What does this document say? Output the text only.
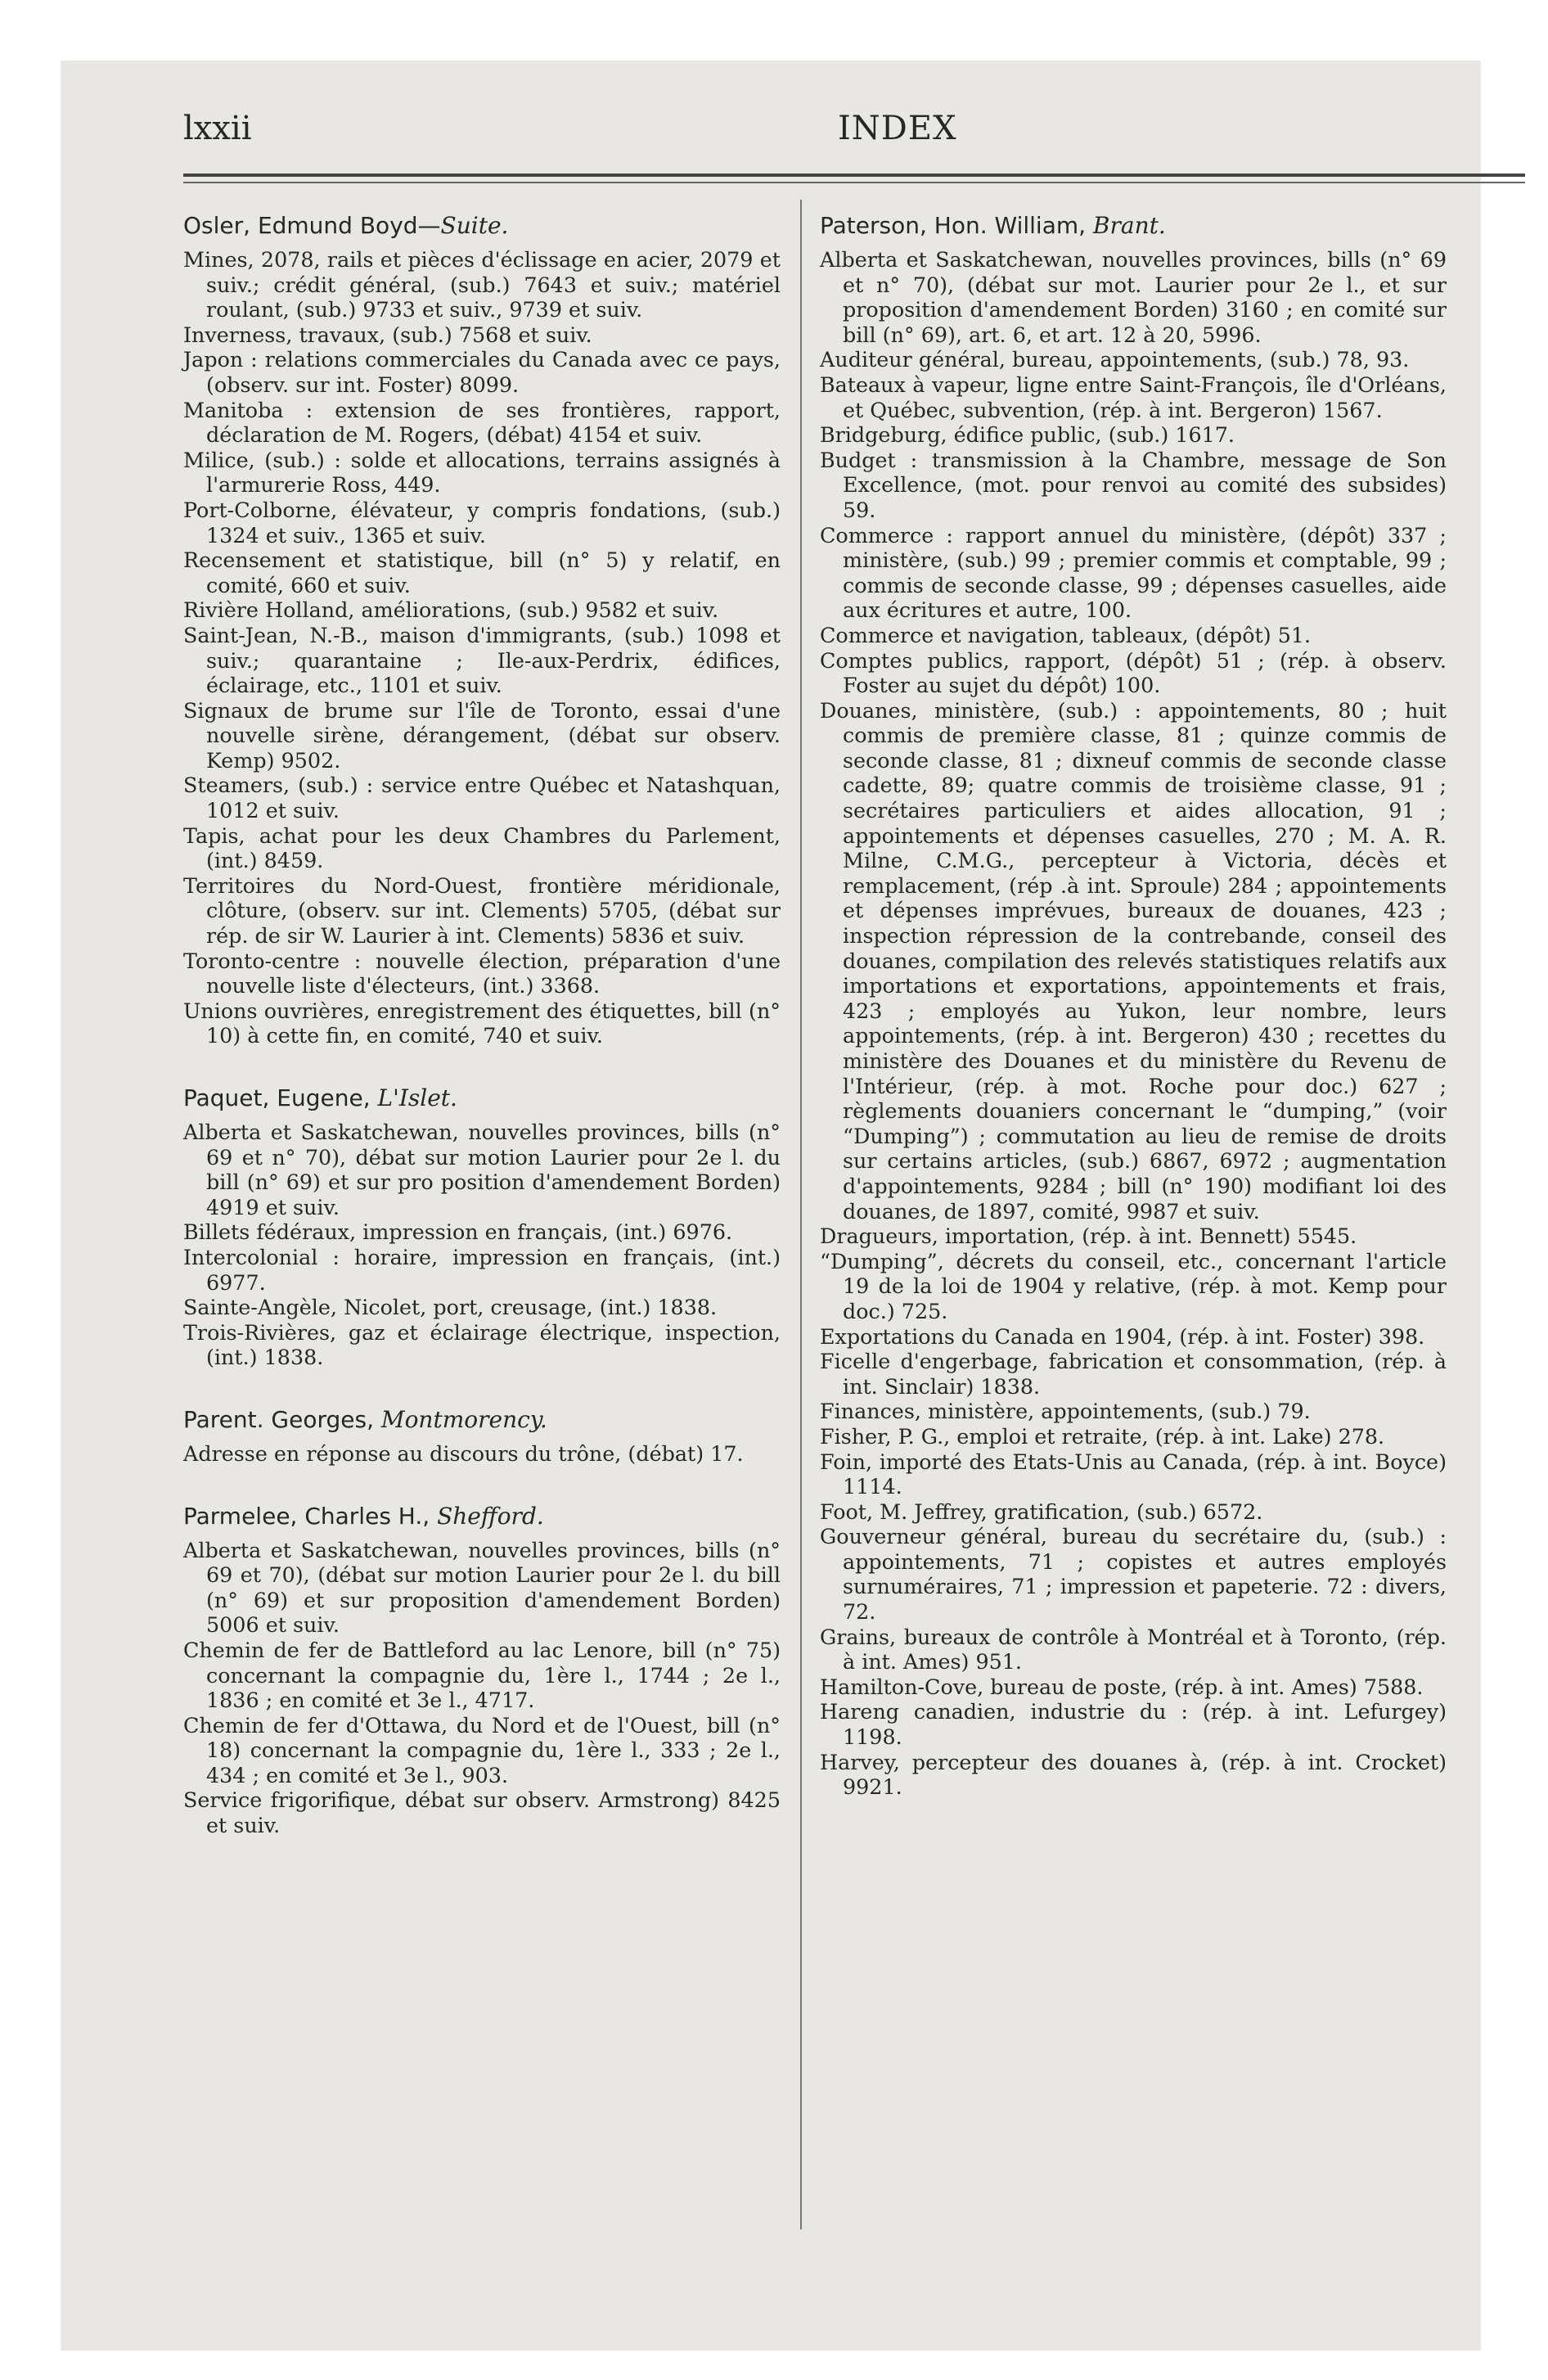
lxxii	INDEX
Osler, Edmund Boyd—Suite.

Mines, 2078, rails et pièces d'éclissage en acier, 2079 et suiv.; crédit général, (sub.) 7643 et suiv.; matériel roulant, (sub.) 9733 et suiv., 9739 et suiv.

Inverness, travaux, (sub.) 7568 et suiv.

Japon : relations commerciales du Canada avec ce pays, (observ. sur int. Foster) 8099.

Manitoba : extension de ses frontières, rapport, déclaration de M. Rogers, (débat) 4154 et suiv.

Milice, (sub.) : solde et allocations, terrains assignés à l'armurerie Ross, 449.

Port-Colborne, élévateur, y compris fondations, (sub.) 1324 et suiv., 1365 et suiv.

Recensement et statistique, bill (n° 5) y relatif, en comité, 660 et suiv.

Rivière Holland, améliorations, (sub.) 9582 et suiv.

Saint-Jean, N.-B., maison d'immigrants, (sub.) 1098 et suiv.; quarantaine ; Ile-aux-Perdrix, édifices, éclairage, etc., 1101 et suiv.

Signaux de brume sur l'île de Toronto, essai d'une nouvelle sirène, dérangement, (débat sur observ. Kemp) 9502.

Steamers, (sub.) : service entre Québec et Natashquan, 1012 et suiv.

Tapis, achat pour les deux Chambres du Parlement, (int.) 8459.

Territoires du Nord-Ouest, frontière méridionale, clôture, (observ. sur int. Clements) 5705, (débat sur rép. de sir W. Laurier à int. Clements) 5836 et suiv.

Toronto-centre : nouvelle élection, préparation d'une nouvelle liste d'électeurs, (int.) 3368.

Unions ouvrières, enregistrement des étiquettes, bill (n° 10) à cette fin, en comité, 740 et suiv.

Paquet, Eugene, L'Islet.

Alberta et Saskatchewan, nouvelles provinces, bills (n° 69 et n° 70), débat sur motion Laurier pour 2e l. du bill (n° 69) et sur pro position d'amendement Borden) 4919 et suiv.

Billets fédéraux, impression en français, (int.) 6976.

Intercolonial : horaire, impression en français, (int.) 6977.

Sainte-Angèle, Nicolet, port, creusage, (int.) 1838.

Trois-Rivières, gaz et éclairage électrique, inspection, (int.) 1838.

Parent. Georges, Montmorency.

Adresse en réponse au discours du trône, (débat) 17.

Parmelee, Charles H., Shefford.

Alberta et Saskatchewan, nouvelles provinces, bills (n° 69 et 70), (débat sur motion Laurier pour 2e l. du bill (n° 69) et sur proposition d'amendement Borden) 5006 et suiv.

Chemin de fer de Battleford au lac Lenore, bill (n° 75) concernant la compagnie du, 1ère l., 1744 ; 2e l., 1836 ; en comité et 3e l., 4717.

Chemin de fer d'Ottawa, du Nord et de l'Ouest, bill (n° 18) concernant la compagnie du, 1ère l., 333 ; 2e l., 434 ; en comité et 3e l., 903.

Service frigorifique, débat sur observ. Armstrong) 8425 et suiv.

Paterson, Hon. William, Brant.

Alberta et Saskatchewan, nouvelles provinces, bills (n° 69 et n° 70), (débat sur mot. Laurier pour 2e l., et sur proposition d'amendement Borden) 3160 ; en comité sur bill (n° 69), art. 6, et art. 12 à 20, 5996.

Auditeur général, bureau, appointements, (sub.) 78, 93.

Bateaux à vapeur, ligne entre Saint-François, île d'Orléans, et Québec, subvention, (rép. à int. Bergeron) 1567.

Bridgeburg, édifice public, (sub.) 1617.

Budget : transmission à la Chambre, message de Son Excellence, (mot. pour renvoi au comité des subsides) 59.

Commerce : rapport annuel du ministère, (dépôt) 337 ; ministère, (sub.) 99 ; premier commis et comptable, 99 ; commis de seconde classe, 99 ; dépenses casuelles, aide aux écritures et autre, 100.

Commerce et navigation, tableaux, (dépôt) 51.

Comptes publics, rapport, (dépôt) 51 ; (rép. à observ. Foster au sujet du dépôt) 100.

Douanes, ministère, (sub.) : appointements, 80 ; huit commis de première classe, 81 ; quinze commis de seconde classe, 81 ; dixneuf commis de seconde classe cadette, 89; quatre commis de troisième classe, 91 ; secrétaires particuliers et aides allocation, 91 ; appointements et dépenses casuelles, 270 ; M. A. R. Milne, C.M.G., percepteur à Victoria, décès et remplacement, (rép .à int. Sproule) 284 ; appointements et dépenses imprévues, bureaux de douanes, 423 ; inspection répression de la contrebande, conseil des douanes, compilation des relevés statistiques relatifs aux importations et exportations, appointements et frais, 423 ; employés au Yukon, leur nombre, leurs appointements, (rép. à int. Bergeron) 430 ; recettes du ministère des Douanes et du ministère du Revenu de l'Intérieur, (rép. à mot. Roche pour doc.) 627 ; règlements douaniers concernant le “dumping,” (voir “Dumping”) ; commutation au lieu de remise de droits sur certains articles, (sub.) 6867, 6972 ; augmentation d'appointements, 9284 ; bill (n° 190) modifiant loi des douanes, de 1897, comité, 9987 et suiv.

Dragueurs, importation, (rép. à int. Bennett) 5545.

“Dumping”, décrets du conseil, etc., concernant l'article 19 de la loi de 1904 y relative, (rép. à mot. Kemp pour doc.) 725.

Exportations du Canada en 1904, (rép. à int. Foster) 398.

Ficelle d'engerbage, fabrication et consommation, (rép. à int. Sinclair) 1838.

Finances, ministère, appointements, (sub.) 79.

Fisher, P. G., emploi et retraite, (rép. à int. Lake) 278.

Foin, importé des Etats-Unis au Canada, (rép. à int. Boyce) 1114.

Foot, M. Jeffrey, gratification, (sub.) 6572.

Gouverneur général, bureau du secrétaire du, (sub.) : appointements, 71 ; copistes et autres employés surnuméraires, 71 ; impression et papeterie. 72 : divers, 72.

Grains, bureaux de contrôle à Montréal et à Toronto, (rép. à int. Ames) 951.

Hamilton-Cove, bureau de poste, (rép. à int. Ames) 7588.

Hareng canadien, industrie du : (rép. à int. Lefurgey) 1198.

Harvey, percepteur des douanes à, (rép. à int. Crocket) 9921.
